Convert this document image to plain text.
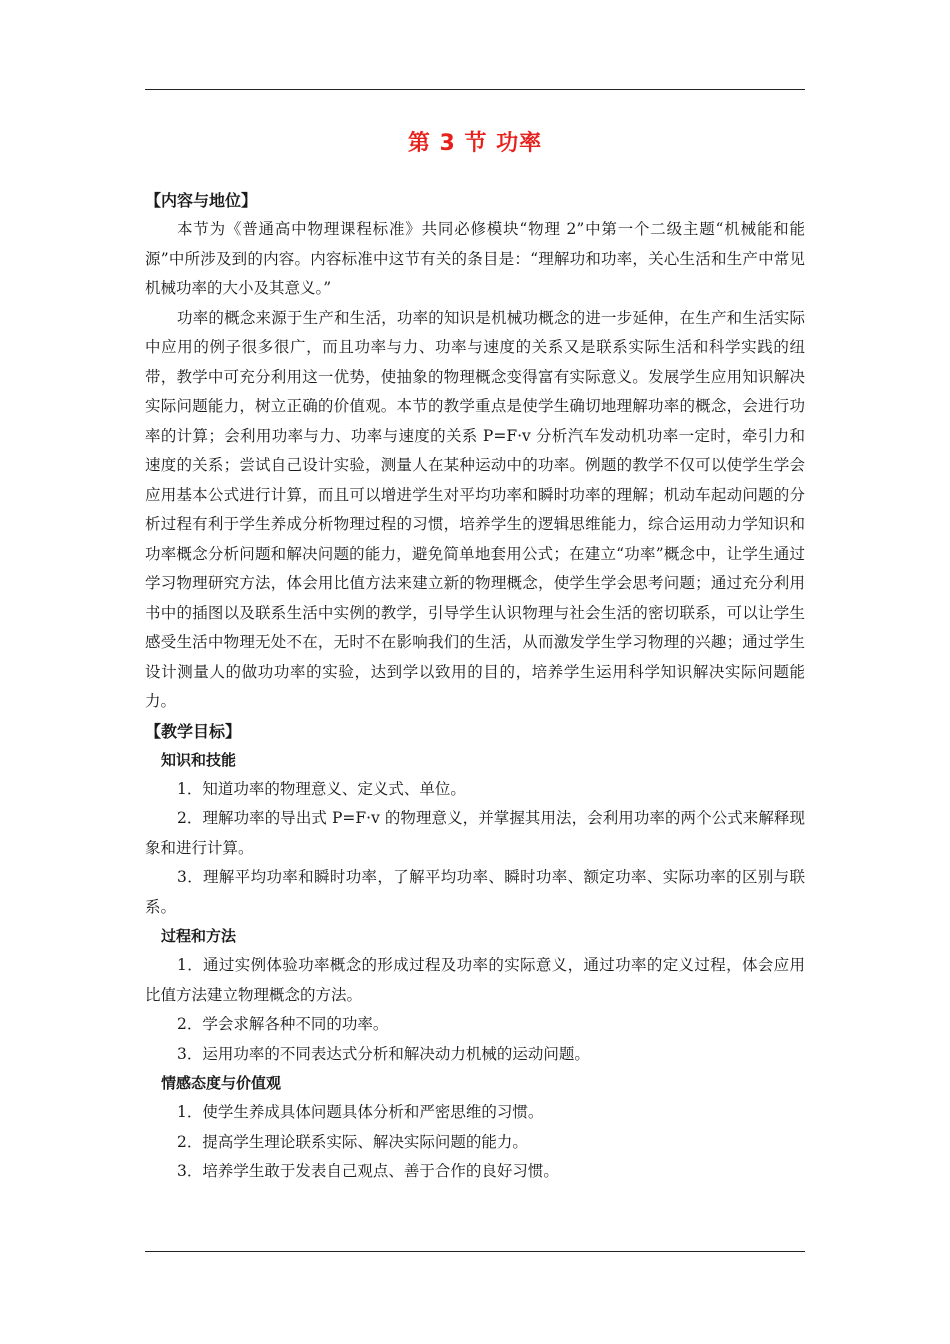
第 3 节 功率

【内容与地位】

本节为《普通高中物理课程标准》共同必修模块“物理 2”中第一个二级主题“机械能和能源”中所涉及到的内容。内容标准中这节有关的条目是：“理解功和功率，关心生活和生产中常见机械功率的大小及其意义。”

功率的概念来源于生产和生活，功率的知识是机械功概念的进一步延伸，在生产和生活实际中应用的例子很多很广，而且功率与力、功率与速度的关系又是联系实际生活和科学实践的纽带，教学中可充分利用这一优势，使抽象的物理概念变得富有实际意义。发展学生应用知识解决实际问题能力，树立正确的价值观。本节的教学重点是使学生确切地理解功率的概念，会进行功率的计算；会利用功率与力、功率与速度的关系 P=F·v 分析汽车发动机功率一定时，牵引力和速度的关系；尝试自己设计实验，测量人在某种运动中的功率。例题的教学不仅可以使学生学会应用基本公式进行计算，而且可以增进学生对平均功率和瞬时功率的理解；机动车起动问题的分析过程有利于学生养成分析物理过程的习惯，培养学生的逻辑思维能力，综合运用动力学知识和功率概念分析问题和解决问题的能力，避免简单地套用公式；在建立“功率”概念中，让学生通过学习物理研究方法，体会用比值方法来建立新的物理概念，使学生学会思考问题；通过充分利用书中的插图以及联系生活中实例的教学，引导学生认识物理与社会生活的密切联系，可以让学生感受生活中物理无处不在，无时不在影响我们的生活，从而激发学生学习物理的兴趣；通过学生设计测量人的做功功率的实验，达到学以致用的目的，培养学生运用科学知识解决实际问题能力。

【教学目标】

知识和技能

1．知道功率的物理意义、定义式、单位。

2．理解功率的导出式 P=F·v 的物理意义，并掌握其用法，会利用功率的两个公式来解释现象和进行计算。

3．理解平均功率和瞬时功率，了解平均功率、瞬时功率、额定功率、实际功率的区别与联系。

过程和方法

1．通过实例体验功率概念的形成过程及功率的实际意义，通过功率的定义过程，体会应用比值方法建立物理概念的方法。

2．学会求解各种不同的功率。

3．运用功率的不同表达式分析和解决动力机械的运动问题。

情感态度与价值观

1．使学生养成具体问题具体分析和严密思维的习惯。

2．提高学生理论联系实际、解决实际问题的能力。

3．培养学生敢于发表自己观点、善于合作的良好习惯。
